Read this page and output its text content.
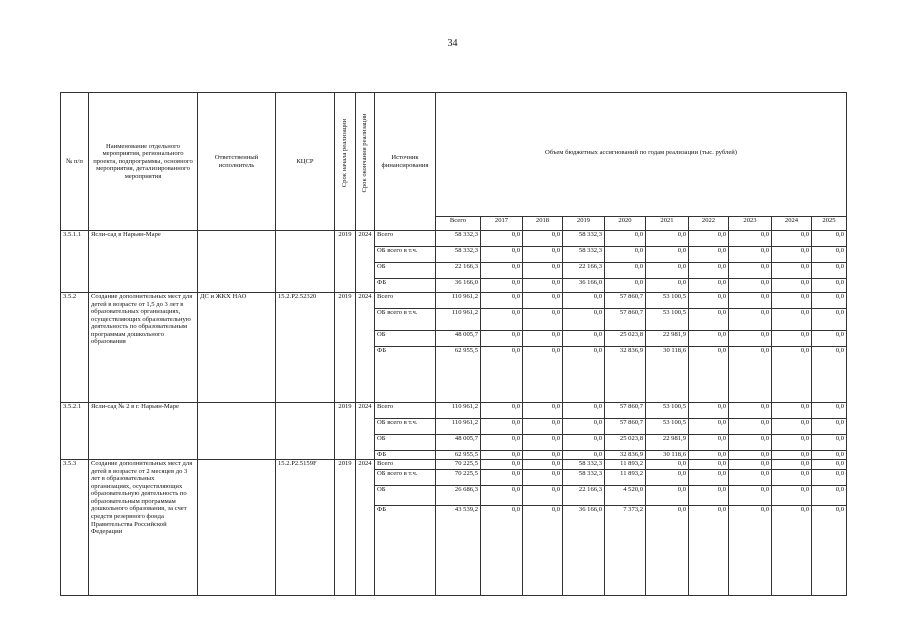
34
№ п/п	Наименование отдельного мероприятия, регионального проекта, подпрограммы, основного мероприятия, детализированного мероприятия	Ответственный исполнитель	КЦСР	Срок начала реализации	Срок окончания реализации	Источник финансирования	Объем бюджетных ассигнований по годам реализации (тыс. рублей)									
							Всего	2017	2018	2019	2020	2021	2022	2023	2024	2025
3.5.1.1	Ясли-сад в Нарьян-Маре			2019	2024	Всего	58 332,3	0,0	0,0	58 332,3	0,0	0,0	0,0	0,0	0,0	0,0
						ОБ всего в т.ч.	58 332,3	0,0	0,0	58 332,3	0,0	0,0	0,0	0,0	0,0	0,0
						ОБ	22 166,3	0,0	0,0	22 166,3	0,0	0,0	0,0	0,0	0,0	0,0
						ФБ	36 166,0	0,0	0,0	36 166,0	0,0	0,0	0,0	0,0	0,0	0,0
3.5.2	Создание дополнительных мест для детей в возрасте от 1,5 до 3 лет в образовательных организациях, осуществляющих образовательную деятельность по образовательным программам дошкольного образования	ДС и ЖКХ НАО	15.2.Р2.52320	2019	2024	Всего	110 961,2	0,0	0,0	0,0	57 860,7	53 100,5	0,0	0,0	0,0	0,0
						ОБ всего в т.ч.	110 961,2	0,0	0,0	0,0	57 860,7	53 100,5	0,0	0,0	0,0	0,0
						ОБ	48 005,7	0,0	0,0	0,0	25 023,8	22 981,9	0,0	0,0	0,0	0,0
						ФБ	62 955,5	0,0	0,0	0,0	32 836,9	30 118,6	0,0	0,0	0,0	0,0
3.5.2.1	Ясли-сад № 2 в г. Нарьян-Маре			2019	2024	Всего	110 961,2	0,0	0,0	0,0	57 860,7	53 100,5	0,0	0,0	0,0	0,0
						ОБ всего в т.ч.	110 961,2	0,0	0,0	0,0	57 860,7	53 100,5	0,0	0,0	0,0	0,0
						ОБ	48 005,7	0,0	0,0	0,0	25 023,8	22 981,9	0,0	0,0	0,0	0,0
						ФБ	62 955,5	0,0	0,0	0,0	32 836,9	30 118,6	0,0	0,0	0,0	0,0
3.5.3	Создание дополнительных мест для детей в возрасте от 2 месяцев до 3 лет в образовательных организациях, осуществляющих образовательную деятельность по образовательным программам дошкольного образования, за счет средств резервного фонда Правительства Российской Федерации		15.2.Р2.5159F	2019	2024	Всего	70 225,5	0,0	0,0	58 332,3	11 893,2	0,0	0,0	0,0	0,0	0,0
						ОБ всего в т.ч.	70 225,5	0,0	0,0	58 332,3	11 893,2	0,0	0,0	0,0	0,0	0,0
						ОБ	26 686,3	0,0	0,0	22 166,3	4 520,0	0,0	0,0	0,0	0,0	0,0
						ФБ	43 539,2	0,0	0,0	36 166,0	7 373,2	0,0	0,0	0,0	0,0	0,0
